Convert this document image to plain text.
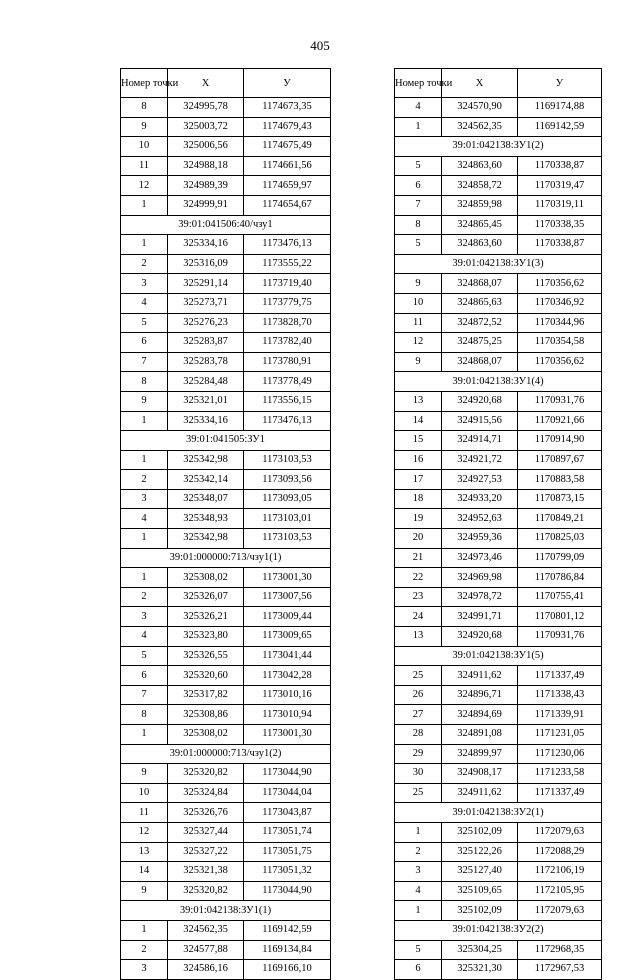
405
Номер точки	X	У
8	324995,78	1174673,35
9	325003,72	1174679,43
10	325006,56	1174675,49
11	324988,18	1174661,56
12	324989,39	1174659,97
1	324999,91	1174654,67
39:01:041506:40/чзу1		
1	325334,16	1173476,13
2	325316,09	1173555,22
3	325291,14	1173719,40
4	325273,71	1173779,75
5	325276,23	1173828,70
6	325283,87	1173782,40
7	325283,78	1173780,91
8	325284,48	1173778,49
9	325321,01	1173556,15
1	325334,16	1173476,13
39:01:041505:ЗУ1		
1	325342,98	1173103,53
2	325342,14	1173093,56
3	325348,07	1173093,05
4	325348,93	1173103,01
1	325342,98	1173103,53
39:01:000000:713/чзу1(1)		
1	325308,02	1173001,30
2	325326,07	1173007,56
3	325326,21	1173009,44
4	325323,80	1173009,65
5	325326,55	1173041,44
6	325320,60	1173042,28
7	325317,82	1173010,16
8	325308,86	1173010,94
1	325308,02	1173001,30
39:01:000000:713/чзу1(2)		
9	325320,82	1173044,90
10	325324,84	1173044,04
11	325326,76	1173043,87
12	325327,44	1173051,74
13	325327,22	1173051,75
14	325321,38	1173051,32
9	325320,82	1173044,90
39:01:042138:ЗУ1(1)		
1	324562,35	1169142,59
2	324577,88	1169134,84
3	324586,16	1169166,10
Номер точки	X	У
4	324570,90	1169174,88
1	324562,35	1169142,59
39:01:042138:ЗУ1(2)		
5	324863,60	1170338,87
6	324858,72	1170319,47
7	324859,98	1170319,11
8	324865,45	1170338,35
5	324863,60	1170338,87
39:01:042138:ЗУ1(3)		
9	324868,07	1170356,62
10	324865,63	1170346,92
11	324872,52	1170344,96
12	324875,25	1170354,58
9	324868,07	1170356,62
39:01:042138:ЗУ1(4)		
13	324920,68	1170931,76
14	324915,56	1170921,66
15	324914,71	1170914,90
16	324921,72	1170897,67
17	324927,53	1170883,58
18	324933,20	1170873,15
19	324952,63	1170849,21
20	324959,36	1170825,03
21	324973,46	1170799,09
22	324969,98	1170786,84
23	324978,72	1170755,41
24	324991,71	1170801,12
13	324920,68	1170931,76
39:01:042138:ЗУ1(5)		
25	324911,62	1171337,49
26	324896,71	1171338,43
27	324894,69	1171339,91
28	324891,08	1171231,05
29	324899,97	1171230,06
30	324908,17	1171233,58
25	324911,62	1171337,49
39:01:042138:ЗУ2(1)		
1	325102,09	1172079,63
2	325122,26	1172088,29
3	325127,40	1172106,19
4	325109,65	1172105,95
1	325102,09	1172079,63
39:01:042138:ЗУ2(2)		
5	325304,25	1172968,35
6	325321,30	1172967,53
